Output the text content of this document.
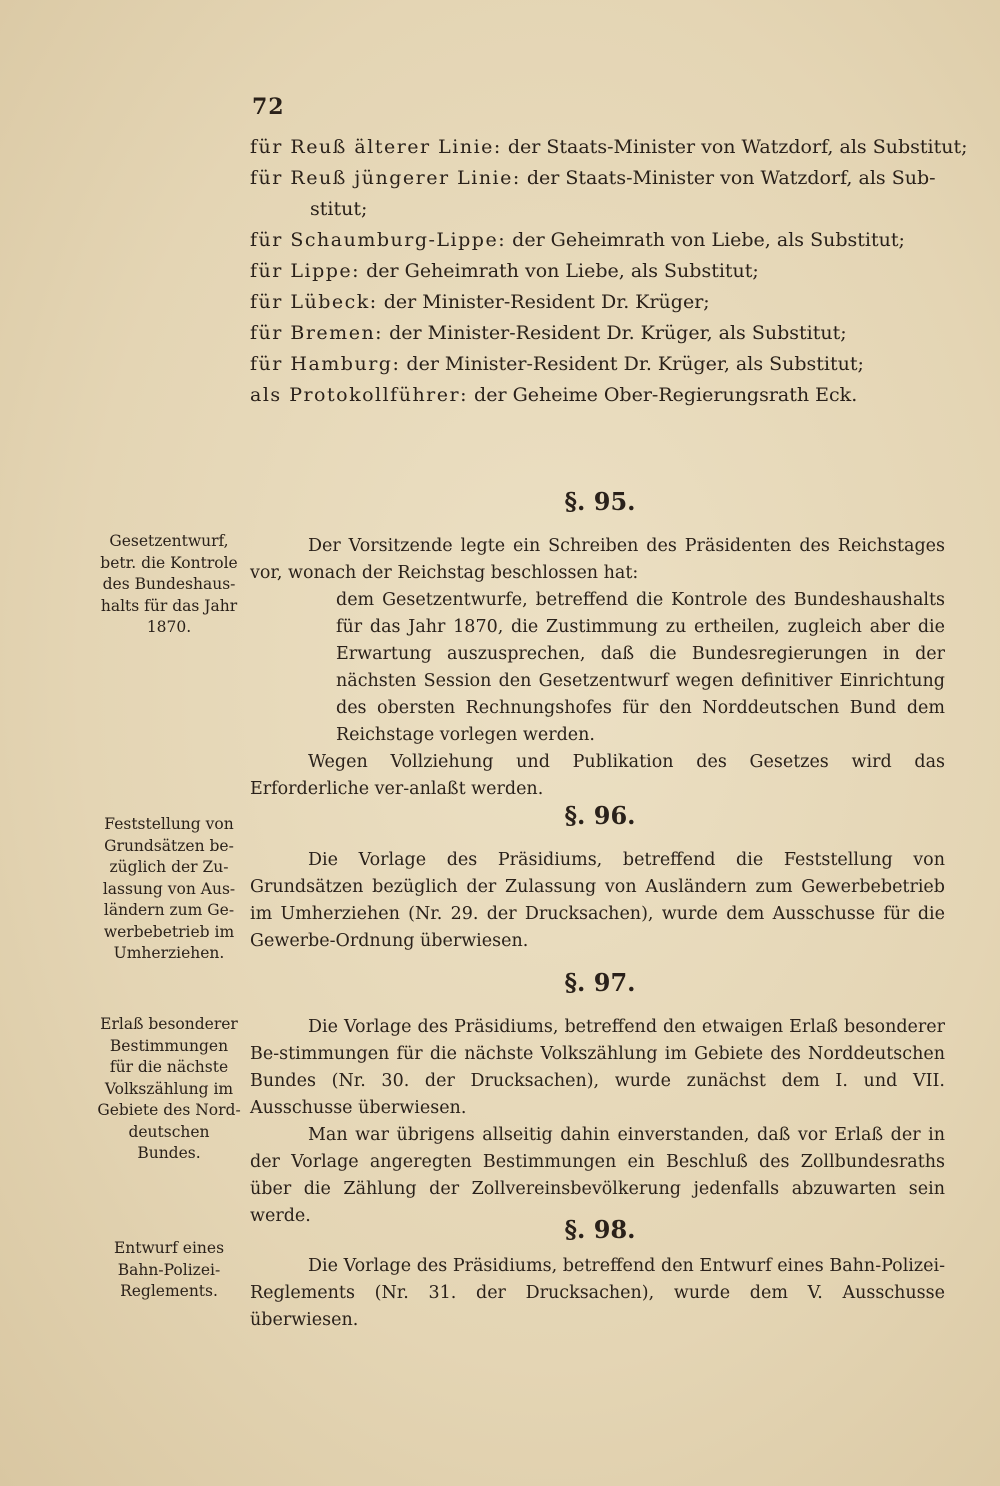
72
für Reuß älterer Linie: der Staats-Minister von Watzdorf, als Substitut;
für Reuß jüngerer Linie: der Staats-Minister von Watzdorf, als Sub-
stitut;
für Schaumburg-Lippe: der Geheimrath von Liebe, als Substitut;
für Lippe: der Geheimrath von Liebe, als Substitut;
für Lübeck: der Minister-Resident Dr. Krüger;
für Bremen: der Minister-Resident Dr. Krüger, als Substitut;
für Hamburg: der Minister-Resident Dr. Krüger, als Substitut;
als Protokollführer: der Geheime Ober-Regierungsrath Eck.
§. 95.
Gesetzentwurf, betr. die Kontrole des Bundeshaus-halts für das Jahr 1870.

Der Vorsitzende legte ein Schreiben des Präsidenten des Reichstages vor, wonach der Reichstag beschlossen hat:

dem Gesetzentwurfe, betreffend die Kontrole des Bundeshaushalts für das Jahr 1870, die Zustimmung zu ertheilen, zugleich aber die Erwartung auszusprechen, daß die Bundesregierungen in der nächsten Session den Gesetzentwurf wegen definitiver Einrichtung des obersten Rechnungshofes für den Norddeutschen Bund dem Reichstage vorlegen werden.

Wegen Vollziehung und Publikation des Gesetzes wird das Erforderliche ver-anlaßt werden.

§. 96.
Feststellung von Grundsätzen be-züglich der Zu-lassung von Aus-ländern zum Ge-werbebetrieb im Umherziehen.

Die Vorlage des Präsidiums, betreffend die Feststellung von Grundsätzen bezüglich der Zulassung von Ausländern zum Gewerbebetrieb im Umherziehen (Nr. 29. der Drucksachen), wurde dem Ausschusse für die Gewerbe-Ordnung überwiesen.

§. 97.
Erlaß besonderer Bestimmungen für die nächste Volkszählung im Gebiete des Nord-deutschen Bundes.

Die Vorlage des Präsidiums, betreffend den etwaigen Erlaß besonderer Be-stimmungen für die nächste Volkszählung im Gebiete des Norddeutschen Bundes (Nr. 30. der Drucksachen), wurde zunächst dem I. und VII. Ausschusse überwiesen.

Man war übrigens allseitig dahin einverstanden, daß vor Erlaß der in der Vorlage angeregten Bestimmungen ein Beschluß des Zollbundesraths über die Zählung der Zollvereinsbevölkerung jedenfalls abzuwarten sein werde.	§. 98.
Entwurf eines Bahn-Polizei-Reglements.

Die Vorlage des Präsidiums, betreffend den Entwurf eines Bahn-Polizei-Reglements (Nr. 31. der Drucksachen), wurde dem V. Ausschusse überwiesen.
